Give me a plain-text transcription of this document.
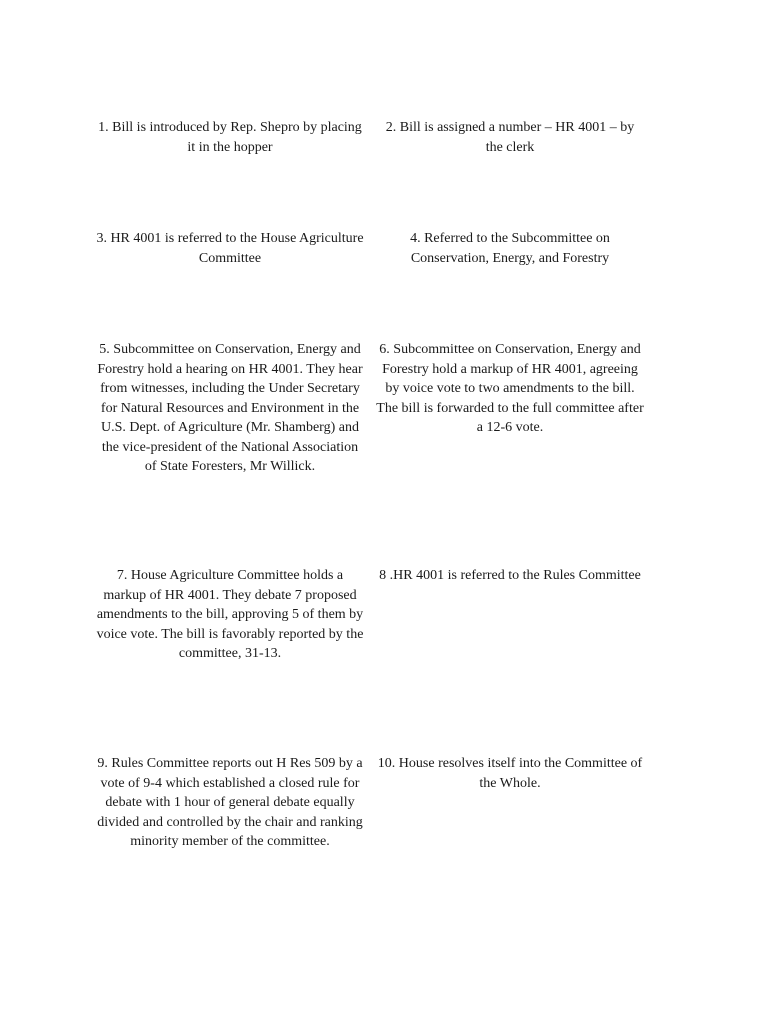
1. Bill is introduced by Rep. Shepro by placing it in the hopper

2. Bill is assigned a number – HR 4001 – by the clerk

3. HR 4001 is referred to the House Agriculture Committee

4. Referred to the Subcommittee on Conservation, Energy, and Forestry

5. Subcommittee on Conservation, Energy and Forestry hold a hearing on HR 4001. They hear from witnesses, including the Under Secretary for Natural Resources and Environment in the U.S. Dept. of Agriculture (Mr. Shamberg) and the vice-president of the National Association of State Foresters, Mr Willick.

6. Subcommittee on Conservation, Energy and Forestry hold a markup of HR 4001, agreeing by voice vote to two amendments to the bill. The bill is forwarded to the full committee after a 12-6 vote.

7. House Agriculture Committee holds a markup of HR 4001. They debate 7 proposed amendments to the bill, approving 5 of them by voice vote. The bill is favorably reported by the committee, 31-13.

8 .HR 4001 is referred to the Rules Committee

9. Rules Committee reports out H Res 509 by a vote of 9-4 which established a closed rule for debate with 1 hour of general debate equally divided and controlled by the chair and ranking minority member of the committee.

10. House resolves itself into the Committee of the Whole.
